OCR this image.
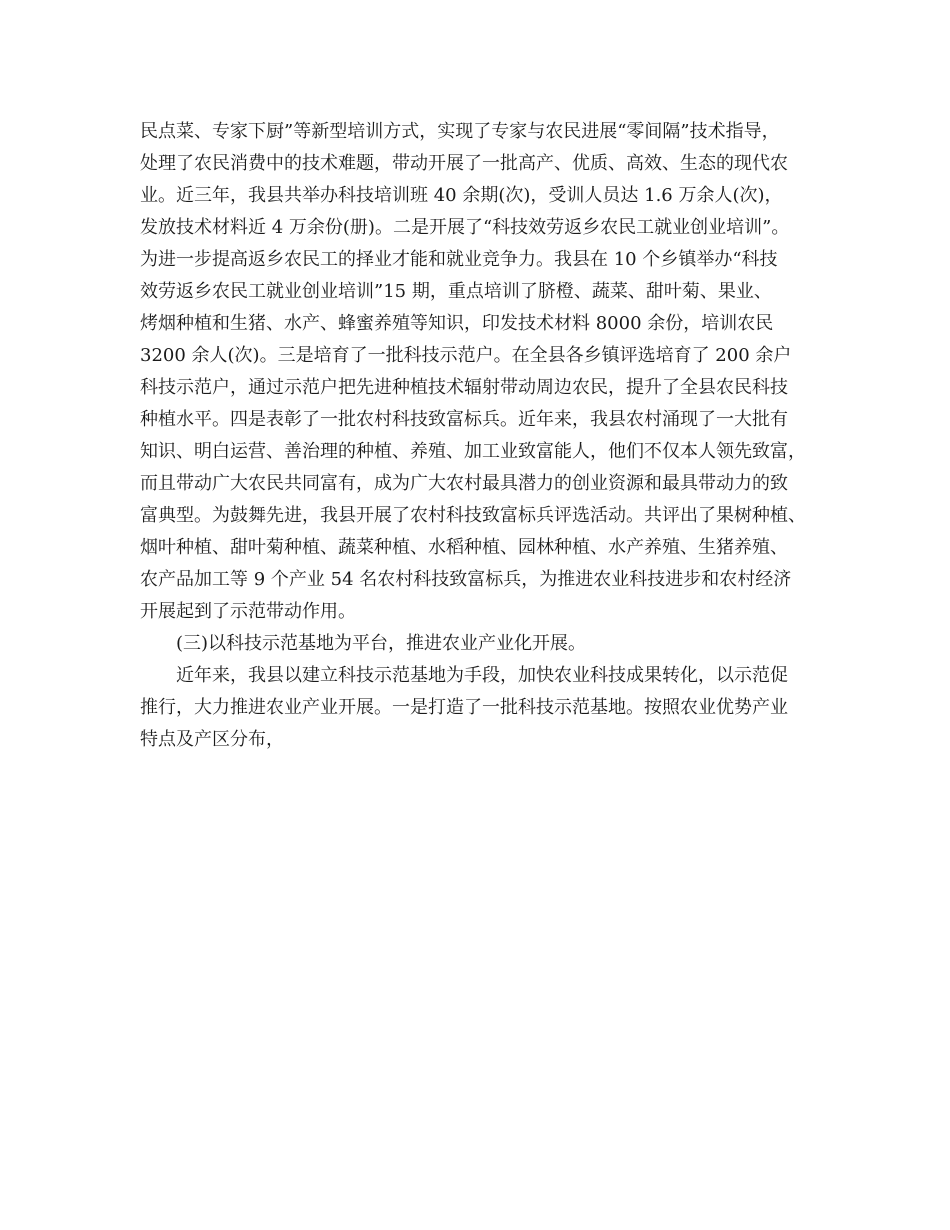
民点菜、专家下厨”等新型培训方式，实现了专家与农民进展“零间隔”技术指导，
处理了农民消费中的技术难题，带动开展了一批高产、优质、高效、生态的现代农
业。近三年，我县共举办科技培训班 40 余期(次)，受训人员达 1.6 万余人(次)，
发放技术材料近 4 万余份(册)。二是开展了“科技效劳返乡农民工就业创业培训”。
为进一步提高返乡农民工的择业才能和就业竞争力。我县在 10 个乡镇举办“科技
效劳返乡农民工就业创业培训”15 期，重点培训了脐橙、蔬菜、甜叶菊、果业、
烤烟种植和生猪、水产、蜂蜜养殖等知识，印发技术材料 8000 余份，培训农民
3200 余人(次)。三是培育了一批科技示范户。在全县各乡镇评选培育了 200 余户
科技示范户，通过示范户把先进种植技术辐射带动周边农民，提升了全县农民科技
种植水平。四是表彰了一批农村科技致富标兵。近年来，我县农村涌现了一大批有
知识、明白运营、善治理的种植、养殖、加工业致富能人，他们不仅本人领先致富，
而且带动广大农民共同富有，成为广大农村最具潜力的创业资源和最具带动力的致
富典型。为鼓舞先进，我县开展了农村科技致富标兵评选活动。共评出了果树种植、
烟叶种植、甜叶菊种植、蔬菜种植、水稻种植、园林种植、水产养殖、生猪养殖、
农产品加工等 9 个产业 54 名农村科技致富标兵，为推进农业科技进步和农村经济
开展起到了示范带动作用。
(三)以科技示范基地为平台，推进农业产业化开展。
近年来，我县以建立科技示范基地为手段，加快农业科技成果转化，以示范促
推行，大力推进农业产业开展。一是打造了一批科技示范基地。按照农业优势产业
特点及产区分布，
